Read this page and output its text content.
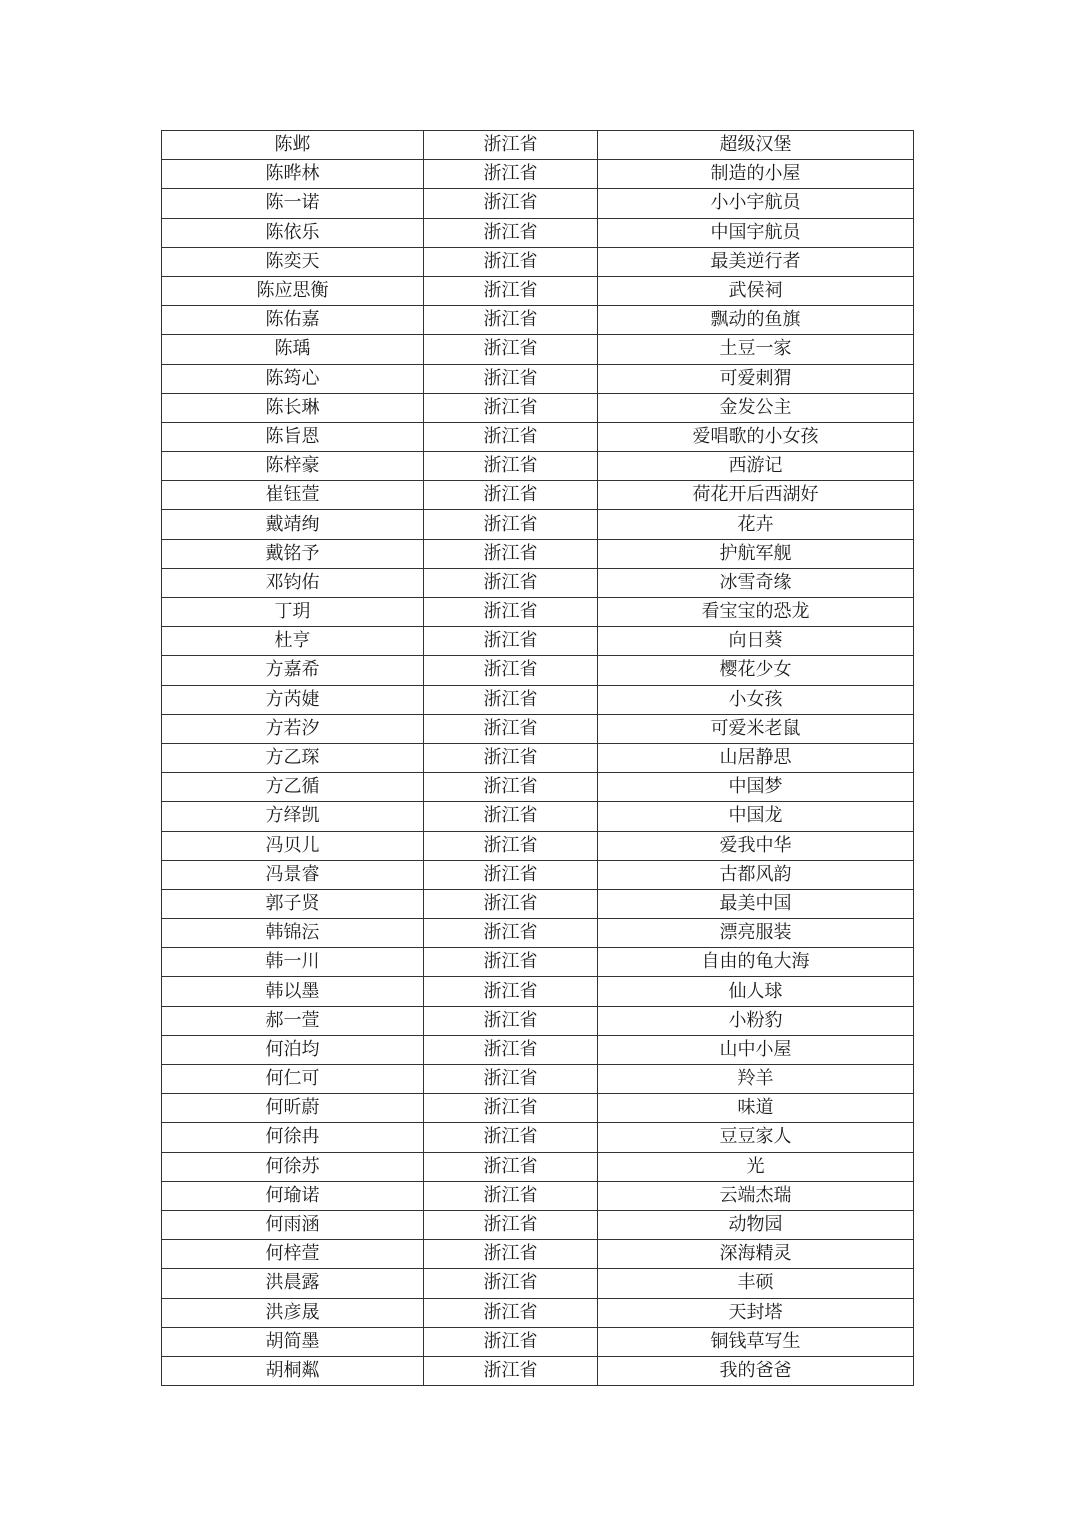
陈邺	浙江省	超级汉堡
陈晔林	浙江省	制造的小屋
陈一诺	浙江省	小小宇航员
陈依乐	浙江省	中国宇航员
陈奕天	浙江省	最美逆行者
陈应思衡	浙江省	武侯祠
陈佑嘉	浙江省	飘动的鱼旗
陈瑀	浙江省	土豆一家
陈筠心	浙江省	可爱刺猬
陈长琳	浙江省	金发公主
陈旨恩	浙江省	爱唱歌的小女孩
陈梓豪	浙江省	西游记
崔钰萱	浙江省	荷花开后西湖好
戴靖绚	浙江省	花卉
戴铭予	浙江省	护航军舰
邓钧佑	浙江省	冰雪奇缘
丁玥	浙江省	看宝宝的恐龙
杜亨	浙江省	向日葵
方嘉希	浙江省	樱花少女
方芮婕	浙江省	小女孩
方若汐	浙江省	可爱米老鼠
方乙琛	浙江省	山居静思
方乙循	浙江省	中国梦
方绎凯	浙江省	中国龙
冯贝儿	浙江省	爱我中华
冯景睿	浙江省	古都风韵
郭子贤	浙江省	最美中国
韩锦沄	浙江省	漂亮服装
韩一川	浙江省	自由的龟大海
韩以墨	浙江省	仙人球
郝一萱	浙江省	小粉豹
何泊均	浙江省	山中小屋
何仁可	浙江省	羚羊
何昕蔚	浙江省	味道
何徐冉	浙江省	豆豆家人
何徐苏	浙江省	光
何瑜诺	浙江省	云端杰瑞
何雨涵	浙江省	动物园
何梓萱	浙江省	深海精灵
洪晨露	浙江省	丰硕
洪彦晟	浙江省	天封塔
胡简墨	浙江省	铜钱草写生
胡桐粼	浙江省	我的爸爸
